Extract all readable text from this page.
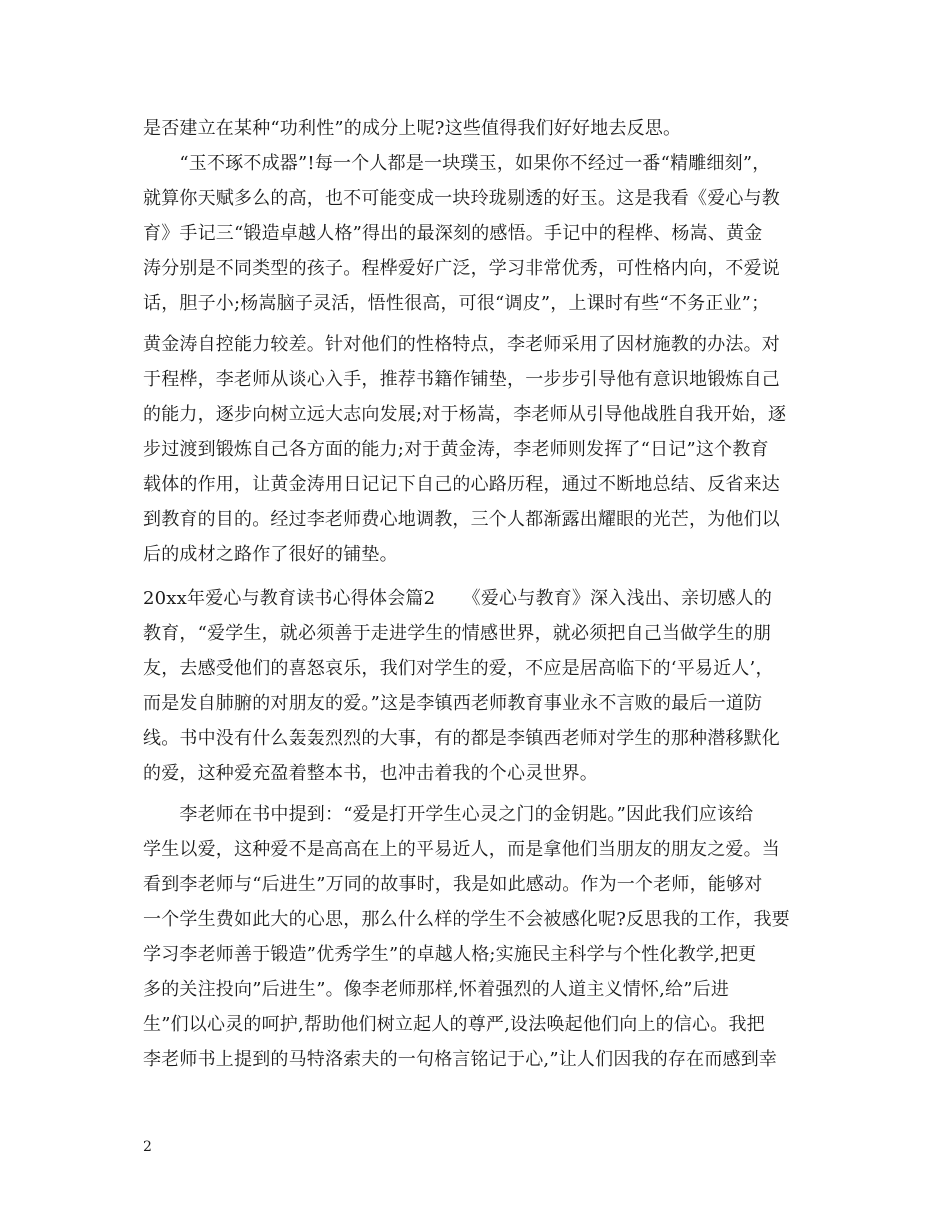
是否建立在某种“功利性”的成分上呢?这些值得我们好好地去反思。
　　“玉不琢不成器”!每一个人都是一块璞玉，如果你不经过一番“精雕细刻”，
就算你天赋多么的高，也不可能变成一块玲珑剔透的好玉。这是我看《爱心与教
育》手记三“锻造卓越人格”得出的最深刻的感悟。手记中的程桦、杨嵩、黄金
涛分别是不同类型的孩子。程桦爱好广泛，学习非常优秀，可性格内向，不爱说
话，胆子小;杨嵩脑子灵活，悟性很高，可很“调皮”，上课时有些“不务正业”；
黄金涛自控能力较差。针对他们的性格特点，李老师采用了因材施教的办法。对
于程桦，李老师从谈心入手，推荐书籍作铺垫，一步步引导他有意识地锻炼自己
的能力，逐步向树立远大志向发展;对于杨嵩，李老师从引导他战胜自我开始，逐
步过渡到锻炼自己各方面的能力;对于黄金涛，李老师则发挥了“日记”这个教育
载体的作用，让黄金涛用日记记下自己的心路历程，通过不断地总结、反省来达
到教育的目的。经过李老师费心地调教，三个人都渐露出耀眼的光芒，为他们以
后的成材之路作了很好的铺垫。
20xx年爱心与教育读书心得体会篇2　　《爱心与教育》深入浅出、亲切感人的
教育，“爱学生，就必须善于走进学生的情感世界，就必须把自己当做学生的朋
友，去感受他们的喜怒哀乐，我们对学生的爱，不应是居高临下的‘平易近人’，
而是发自肺腑的对朋友的爱。”这是李镇西老师教育事业永不言败的最后一道防
线。书中没有什么轰轰烈烈的大事，有的都是李镇西老师对学生的那种潜移默化
的爱，这种爱充盈着整本书，也冲击着我的个心灵世界。
　　李老师在书中提到：“爱是打开学生心灵之门的金钥匙。”因此我们应该给
学生以爱，这种爱不是高高在上的平易近人，而是拿他们当朋友的朋友之爱。当
看到李老师与“后进生”万同的故事时，我是如此感动。作为一个老师，能够对
一个学生费如此大的心思，那么什么样的学生不会被感化呢?反思我的工作，我要
学习李老师善于锻造”优秀学生”的卓越人格;实施民主科学与个性化教学,把更
多的关注投向”后进生”。像李老师那样,怀着强烈的人道主义情怀,给”后进
生”们以心灵的呵护,帮助他们树立起人的尊严,设法唤起他们向上的信心。我把
李老师书上提到的马特洛索夫的一句格言铭记于心,”让人们因我的存在而感到幸
2
